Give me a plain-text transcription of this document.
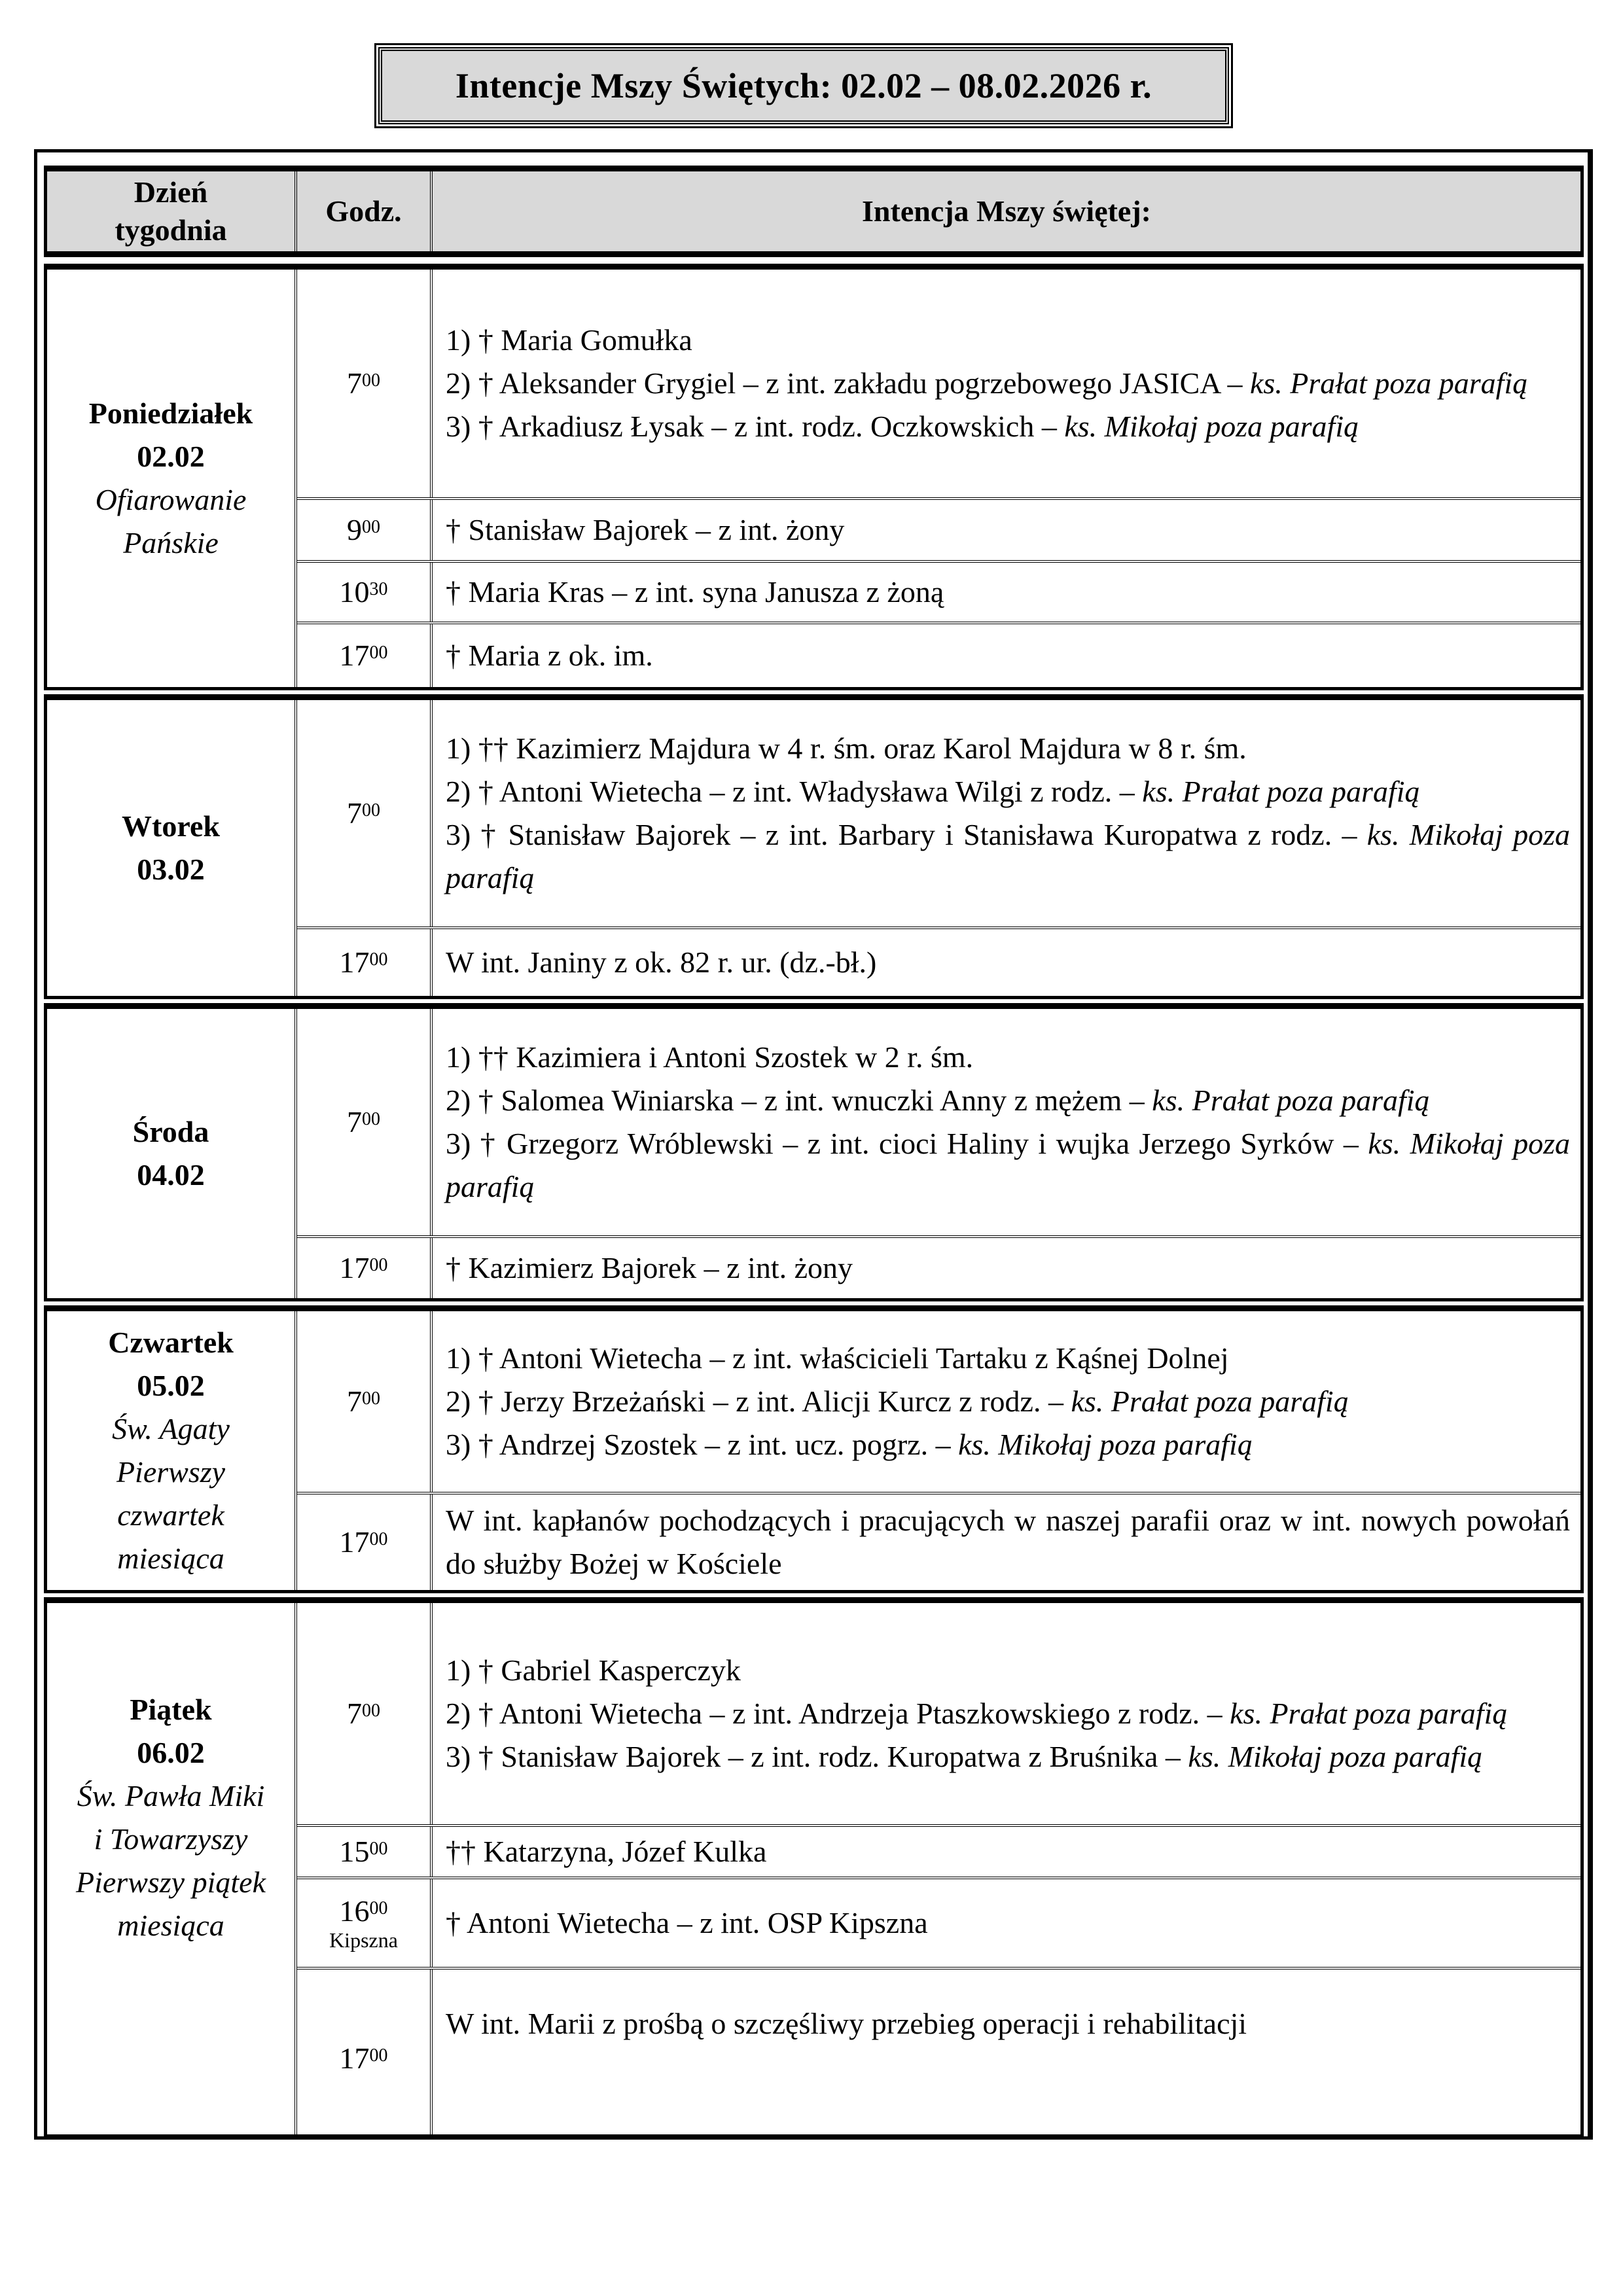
Intencje Mszy Świętych: 02.02 – 08.02.2026 r.
Dzień tygodnia
Godz.	Intencja Mszy świętej:
Poniedziałek
02.02
Ofiarowanie Pańskie
$7^{00}$

1) † Maria Gomułka

2) † Aleksander Grygiel – z int. zakładu pogrzebowego JASICA – ks. Prałat poza parafią

3) † Arkadiusz Łysak – z int. rodz. Oczkowskich – ks. Mikołaj poza parafią

$9^{00}$ † Stanisław Bajorek – z int. żony

$10^{30}$ † Maria Kras – z int. syna Janusza z żoną

$17^{00}$ † Maria z ok. im.

Wtorek
03.02
$7^{00}$

1) †† Kazimierz Majdura w 4 r. śm. oraz Karol Majdura w 8 r. śm.

2) † Antoni Wietecha – z int. Władysława Wilgi z rodz. – ks. Prałat poza parafią

3) † Stanisław Bajorek – z int. Barbary i Stanisława Kuropatwa z rodz. – ks. Mikołaj poza parafią

$17^{00}$ W int. Janiny z ok. 82 r. ur. (dz.-bł.)

Środa
04.02
$7^{00}$

1) †† Kazimiera i Antoni Szostek w 2 r. śm.

2) † Salomea Winiarska – z int. wnuczki Anny z mężem – ks. Prałat poza parafią

3) † Grzegorz Wróblewski – z int. cioci Haliny i wujka Jerzego Syrków – ks. Mikołaj poza parafią

$17^{00}$ † Kazimierz Bajorek – z int. żony

Czwartek
05.02
Św. Agaty Pierwszy czwartek miesiąca
$7^{00}$

1) † Antoni Wietecha – z int. właścicieli Tartaku z Kąśnej Dolnej

2) † Jerzy Brzeżański – z int. Alicji Kurcz z rodz. – ks. Prałat poza parafią

3) † Andrzej Szostek – z int. ucz. pogrz. – ks. Mikołaj poza parafią

$17^{00}$

W int. kapłanów pochodzących i pracujących w naszej parafii oraz w int. nowych powołań do służby Bożej w Kościele

Piątek
06.02
Św. Pawła Miki i Towarzyszy Pierwszy piątek miesiąca
$7^{00}$

1) † Gabriel Kasperczyk

2) † Antoni Wietecha – z int. Andrzeja Ptaszkowskiego z rodz. – ks. Prałat poza parafią

3) † Stanisław Bajorek – z int. rodz. Kuropatwa z Bruśnika – ks. Mikołaj poza parafią

$15^{00}$ †† Katarzyna, Józef Kulka

$16^{00}$
Kipszna

† Antoni Wietecha – z int. OSP Kipszna

$17^{00}$

W int. Marii z prośbą o szczęśliwy przebieg operacji i rehabilitacji
